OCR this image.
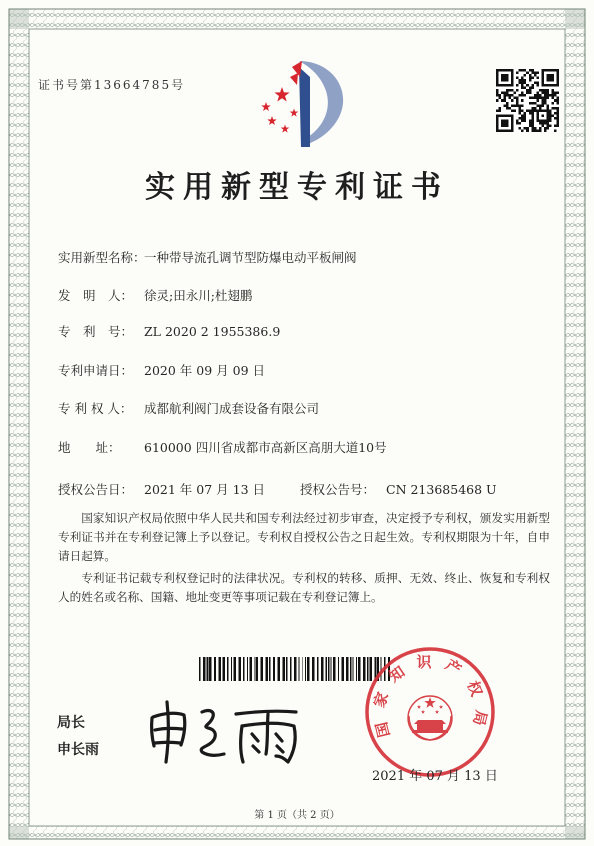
证书号第13664785号
实用新型专利证书
实用新型名称：一种带导流孔调节型防爆电动平板闸阀
发　明　人： 徐灵;田永川;杜翅鹏
专　利　号： ZL 2020 2 1955386.9
专利申请日： 2020 年 09 月 09 日
专 利 权 人： 成都航利阀门成套设备有限公司
地　　址： 610000 四川省成都市高新区高朋大道10号
授权公告日： 2021 年 07 月 13 日	授权公告号： CN 213685468 U

国家知识产权局依照中华人民共和国专利法经过初步审查，决定授予专利权，颁发实用新型专利证书并在专利登记簿上予以登记。专利权自授权公告之日起生效。专利权期限为十年，自申请日起算。

专利证书记载专利权登记时的法律状况。专利权的转移、质押、无效、终止、恢复和专利权人的姓名或名称、国籍、地址变更等事项记载在专利登记簿上。

局长
申长雨
国家知识产权局
2021 年 07 月 13 日
第 1 页（共 2 页）
